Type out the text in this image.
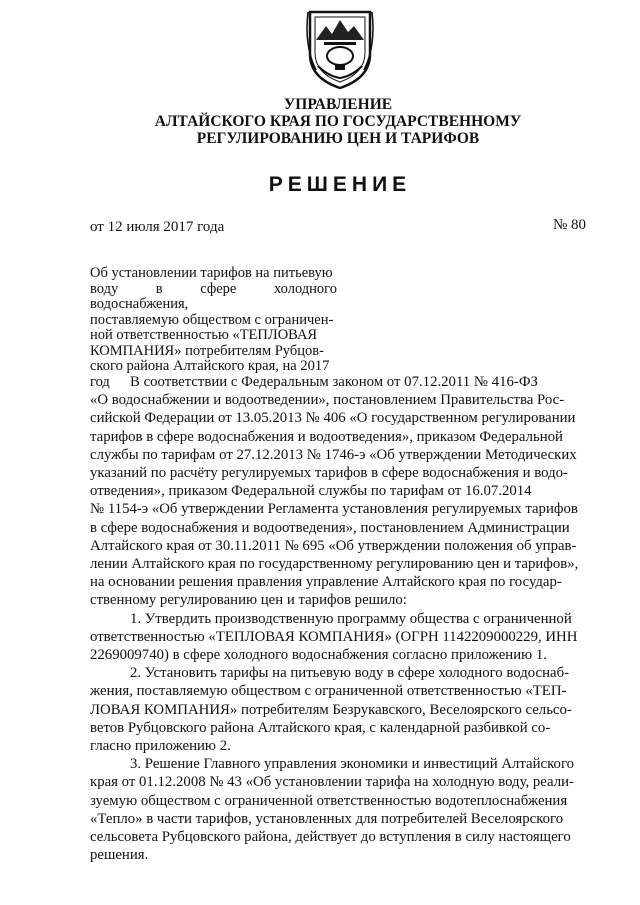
УПРАВЛЕНИЕ
АЛТАЙСКОГО КРАЯ ПО ГОСУДАРСТВЕННОМУ
РЕГУЛИРОВАНИЮ ЦЕН И ТАРИФОВ
РЕШЕНИЕ
от 12 июля 2017 года	№ 80
Об установлении тарифов на питьевую
воду в сфере холодного водоснабжения,
поставляемую обществом с ограничен-
ной ответственностью «ТЕПЛОВАЯ
КОМПАНИЯ» потребителям Рубцов-
ского района Алтайского края, на 2017
год	В соответствии с Федеральным законом от 07.12.2011 № 416-ФЗ
«О водоснабжении и водоотведении», постановлением Правительства Рос-
сийской Федерации от 13.05.2013 № 406 «О государственном регулировании
тарифов в сфере водоснабжения и водоотведения», приказом Федеральной
службы по тарифам от 27.12.2013 № 1746-э «Об утверждении Методических
указаний по расчёту регулируемых тарифов в сфере водоснабжения и водо-
отведения», приказом Федеральной службы по тарифам от 16.07.2014
№ 1154-э «Об утверждении Регламента установления регулируемых тарифов
в сфере водоснабжения и водоотведения», постановлением Администрации
Алтайского края от 30.11.2011 № 695 «Об утверждении положения об управ-
лении Алтайского края по государственному регулированию цен и тарифов»,
на основании решения правления управление Алтайского края по государ-
ственному регулированию цен и тарифов решило:
1. Утвердить производственную программу общества с ограниченной
ответственностью «ТЕПЛОВАЯ КОМПАНИЯ» (ОГРН 1142209000229, ИНН
2269009740) в сфере холодного водоснабжения согласно приложению 1.
2. Установить тарифы на питьевую воду в сфере холодного водоснаб-
жения, поставляемую обществом с ограниченной ответственностью «ТЕП-
ЛОВАЯ КОМПАНИЯ» потребителям Безрукавского, Веселоярского сельсо-
ветов Рубцовского района Алтайского края, с календарной разбивкой со-
гласно приложению 2.
3. Решение Главного управления экономики и инвестиций Алтайского
края от 01.12.2008 № 43 «Об установлении тарифа на холодную воду, реали-
зуемую обществом с ограниченной ответственностью водотеплоснабжения
«Тепло» в части тарифов, установленных для потребителей Веселоярского
сельсовета Рубцовского района, действует до вступления в силу настоящего
решения.
